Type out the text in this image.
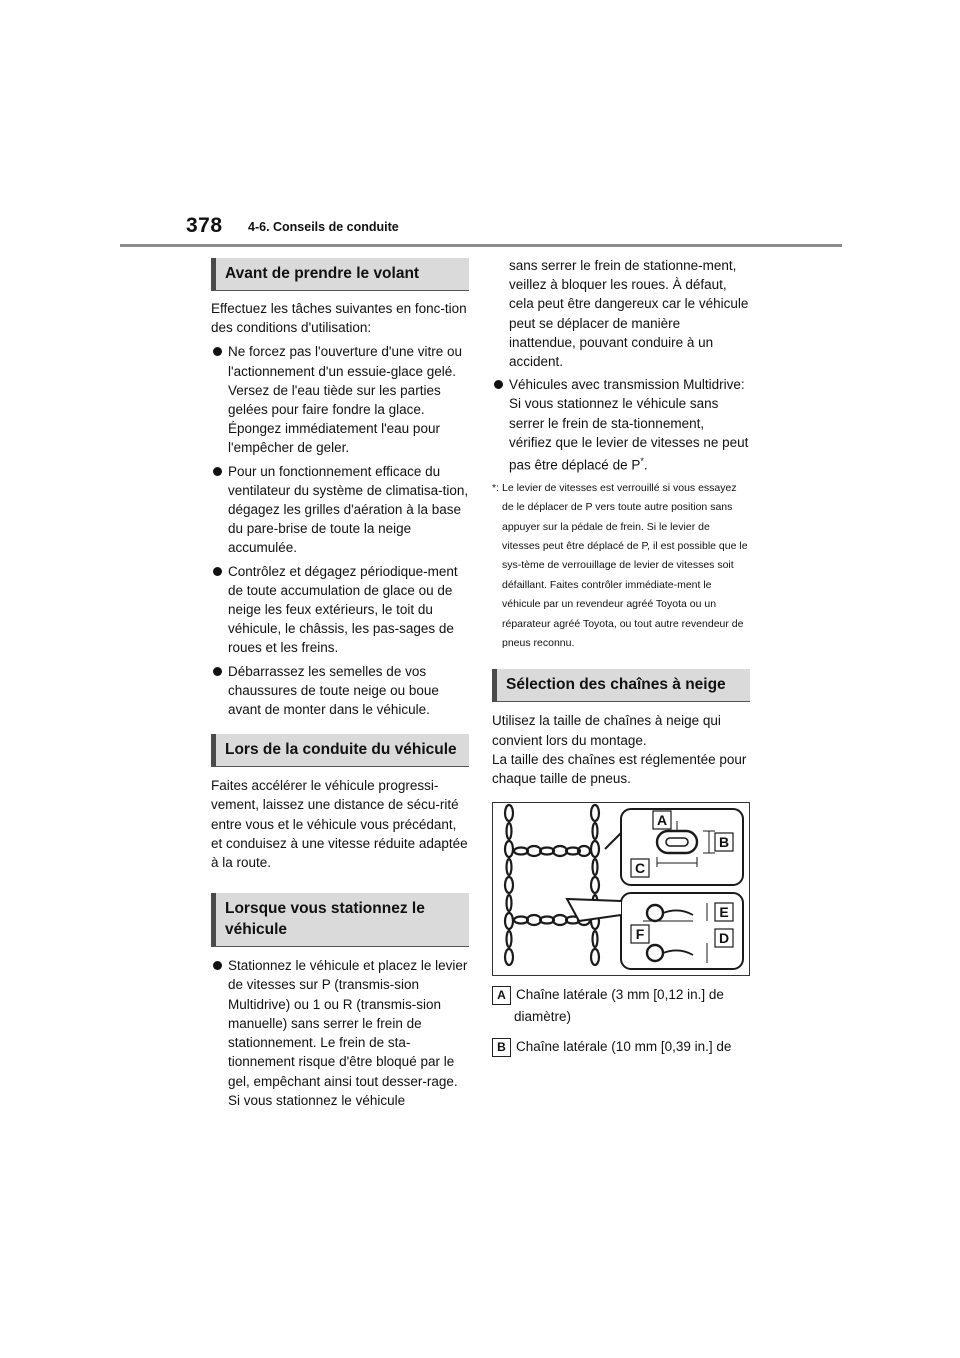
378 4-6. Conseils de conduite
Avant de prendre le volant
Effectuez les tâches suivantes en fonc-tion des conditions d'utilisation:
Ne forcez pas l'ouverture d'une vitre ou l'actionnement d'un essuie-glace gelé. Versez de l'eau tiède sur les parties gelées pour faire fondre la glace. Épongez immédiatement l'eau pour l'empêcher de geler.
Pour un fonctionnement efficace du ventilateur du système de climatisa-tion, dégagez les grilles d'aération à la base du pare-brise de toute la neige accumulée.
Contrôlez et dégagez périodique-ment de toute accumulation de glace ou de neige les feux extérieurs, le toit du véhicule, le châssis, les pas-sages de roues et les freins.
Débarrassez les semelles de vos chaussures de toute neige ou boue avant de monter dans le véhicule.
Lors de la conduite du véhicule
Faites accélérer le véhicule progressi-vement, laissez une distance de sécu-rité entre vous et le véhicule vous précédant, et conduisez à une vitesse réduite adaptée à la route.
Lorsque vous stationnez le véhicule
Stationnez le véhicule et placez le levier de vitesses sur P (transmis-sion Multidrive) ou 1 ou R (transmis-sion manuelle) sans serrer le frein de stationnement. Le frein de sta-tionnement risque d'être bloqué par le gel, empêchant ainsi tout desser-rage. Si vous stationnez le véhicule
sans serrer le frein de stationne-ment, veillez à bloquer les roues. À défaut, cela peut être dangereux car le véhicule peut se déplacer de manière inattendue, pouvant conduire à un accident.
Véhicules avec transmission Multidrive: Si vous stationnez le véhicule sans serrer le frein de sta-tionnement, vérifiez que le levier de vitesses ne peut pas être déplacé de P*.
*: Le levier de vitesses est verrouillé si vous essayez de le déplacer de P vers toute autre position sans appuyer sur la pédale de frein. Si le levier de vitesses peut être déplacé de P, il est possible que le sys-tème de verrouillage de levier de vitesses soit défaillant. Faites contrôler immédiate-ment le véhicule par un revendeur agréé Toyota ou un réparateur agréé Toyota, ou tout autre revendeur de pneus reconnu.
Sélection des chaînes à neige
Utilisez la taille de chaînes à neige qui convient lors du montage.
La taille des chaînes est réglementée pour chaque taille de pneus.
A
B
C
E
F	D
A Chaîne latérale (3 mm [0,12 in.] de
diamètre)
B Chaîne latérale (10 mm [0,39 in.] de
